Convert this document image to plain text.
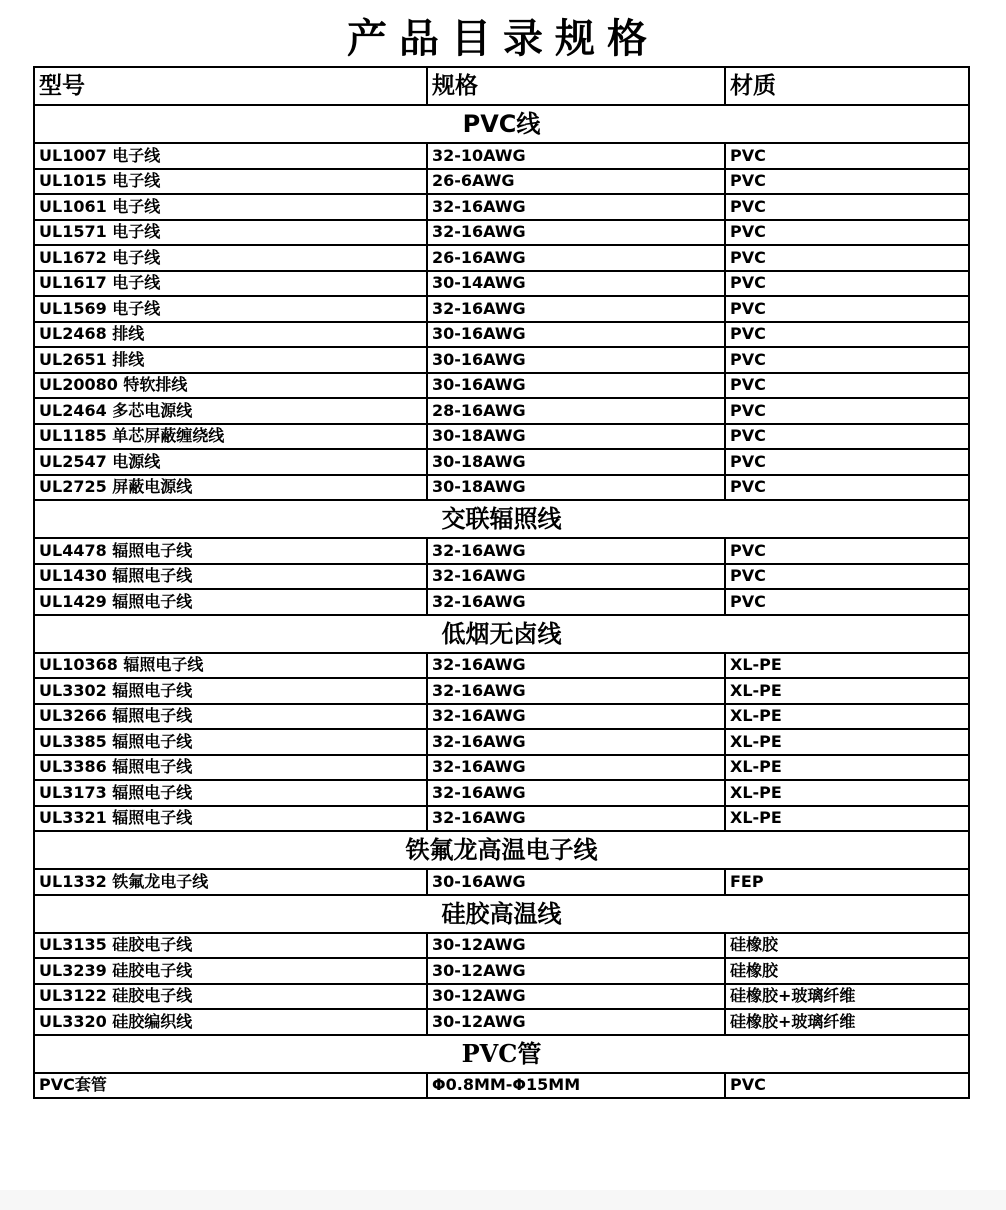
产品目录规格
型号	规格	材质
PVC线		
UL1007 电子线	32-10AWG	PVC
UL1015 电子线	26-6AWG	PVC
UL1061 电子线	32-16AWG	PVC
UL1571 电子线	32-16AWG	PVC
UL1672 电子线	26-16AWG	PVC
UL1617 电子线	30-14AWG	PVC
UL1569 电子线	32-16AWG	PVC
UL2468 排线	30-16AWG	PVC
UL2651 排线	30-16AWG	PVC
UL20080 特软排线	30-16AWG	PVC
UL2464 多芯电源线	28-16AWG	PVC
UL1185 单芯屏蔽缠绕线	30-18AWG	PVC
UL2547 电源线	30-18AWG	PVC
UL2725 屏蔽电源线	30-18AWG	PVC
交联辐照线		
UL4478 辐照电子线	32-16AWG	PVC
UL1430 辐照电子线	32-16AWG	PVC
UL1429 辐照电子线	32-16AWG	PVC
低烟无卤线		
UL10368 辐照电子线	32-16AWG	XL-PE
UL3302 辐照电子线	32-16AWG	XL-PE
UL3266 辐照电子线	32-16AWG	XL-PE
UL3385 辐照电子线	32-16AWG	XL-PE
UL3386 辐照电子线	32-16AWG	XL-PE
UL3173 辐照电子线	32-16AWG	XL-PE
UL3321 辐照电子线	32-16AWG	XL-PE
铁氟龙高温电子线		
UL1332 铁氟龙电子线	30-16AWG	FEP
硅胶高温线		
UL3135 硅胶电子线	30-12AWG	硅橡胶
UL3239 硅胶电子线	30-12AWG	硅橡胶
UL3122 硅胶电子线	30-12AWG	硅橡胶+玻璃纤维
UL3320 硅胶编织线	30-12AWG	硅橡胶+玻璃纤维
PVC管		
PVC套管	Φ0.8MM-Φ15MM	PVC
